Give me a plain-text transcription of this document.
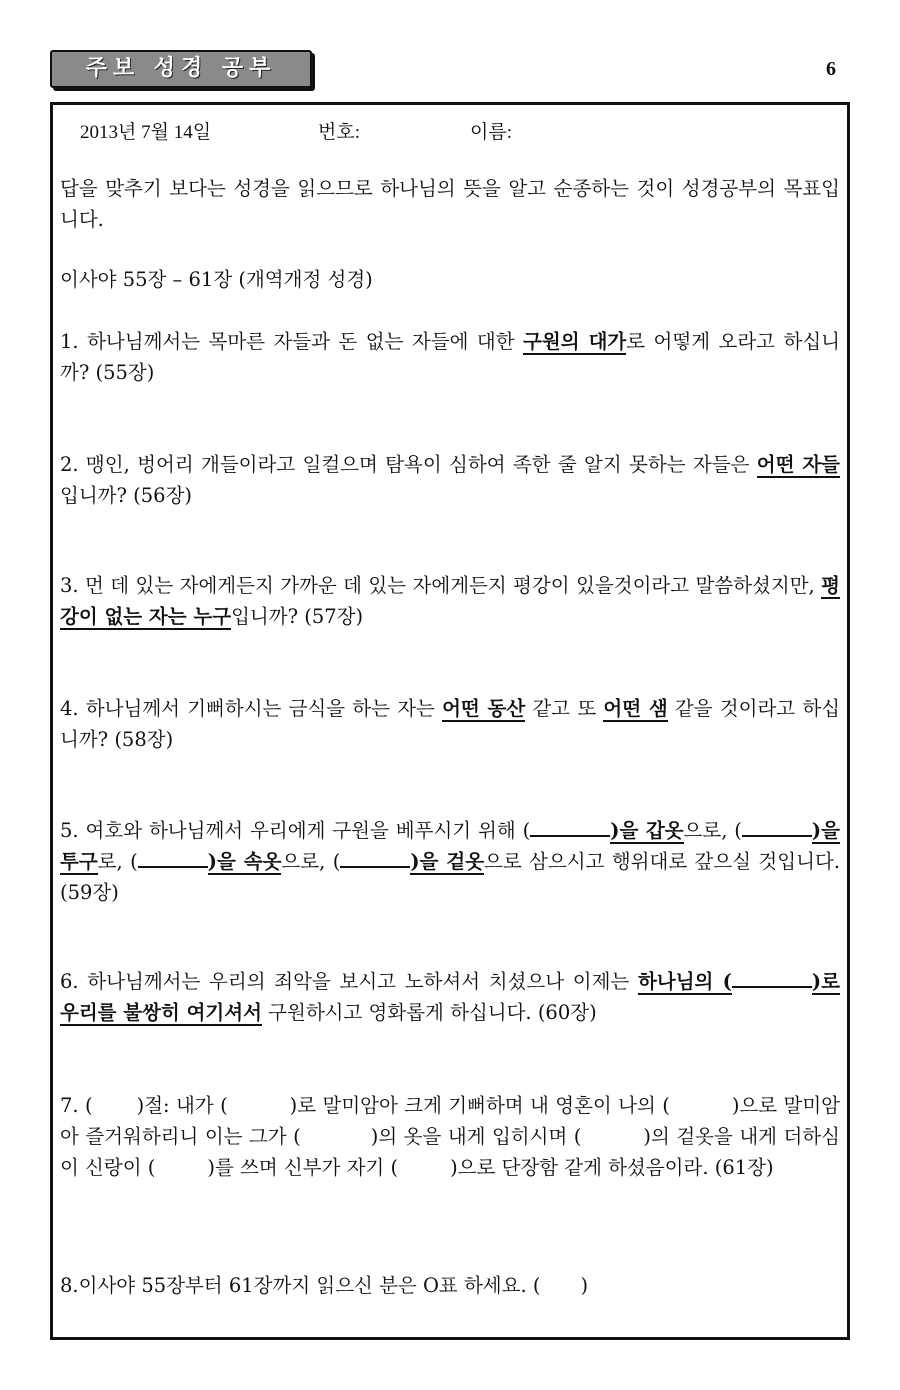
주보 성경 공부	6
2013년 7월 14일	번호:	이름:
답을 맞추기 보다는 성경을 읽으므로 하나님의 뜻을 알고 순종하는 것이 성경공부의 목표입니다.
이사야 55장 – 61장 (개역개정 성경)
1. 하나님께서는 목마른 자들과 돈 없는 자들에 대한 구원의 대가로 어떻게 오라고 하십니까? (55장)
2. 맹인, 벙어리 개들이라고 일컬으며 탐욕이 심하여 족한 줄 알지 못하는 자들은 어떤 자들입니까? (56장)
3. 먼 데 있는 자에게든지 가까운 데 있는 자에게든지 평강이 있을것이라고 말씀하셨지만, 평강이 없는 자는 누구입니까? (57장)
4. 하나님께서 기뻐하시는 금식을 하는 자는 어떤 동산 같고 또 어떤 샘 같을 것이라고 하십니까? (58장)
5. 여호와 하나님께서 우리에게 구원을 베푸시기 위해 (	)을 갑옷으로, (	)을 투구로, (	)을 속옷으로, (	)을 겉옷으로 삼으시고 행위대로 갚으실 것입니다. (59장)
6. 하나님께서는 우리의 죄악을 보시고 노하셔서 치셨으나 이제는 하나님의 (	)로 우리를 불쌍히 여기셔서 구원하시고 영화롭게 하십니다. (60장)
7. ( )절: 내가 (	)로 말미암아 크게 기뻐하며 내 영혼이 나의 (	)으로 말미암아 즐거워하리니 이는 그가 (	)의 옷을 내게 입히시며 (	)의 겉옷을 내게 더하심이 신랑이 (	)를 쓰며 신부가 자기 (	)으로 단장함 같게 하셨음이라. (61장)
8.이사야 55장부터 61장까지 읽으신 분은 O표 하세요. ( )
